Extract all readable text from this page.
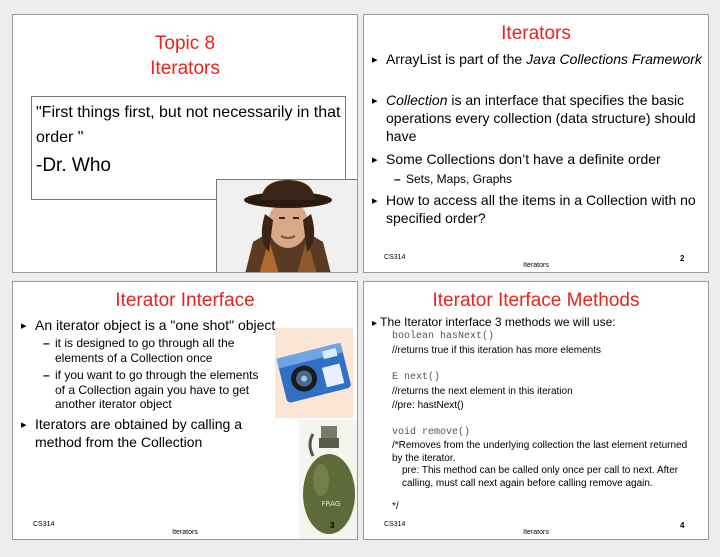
Topic 8
Iterators
"First things first, but not necessarily in that order "
-Dr. Who
Iterators
▸ ArrayList is part of the Java Collections Framework
▸ Collection is an interface that specifies the basic operations every collection (data structure) should have
▸ Some Collections don’t have a definite order
– Sets, Maps, Graphs
▸ How to access all the items in a Collection with no specified order?
CS314
Iterators
2
Iterator Interface
▸ An iterator object is a "one shot" object
– it is designed to go through all the elements of a Collection once
– if you want to go through the elements of a Collection again you have to get another iterator object
▸ Iterators are obtained by calling a method from the Collection
FRAG
CS314
Iterators
3
Iterator Iterface Methods
▸ The Iterator interface 3 methods we will use:
boolean hasNext()
//returns true if this iteration has more elements
E next()
//returns the next element in this iteration
//pre: hastNext()
void remove()
/*Removes from the underlying collection the last element returned by the iterator.
pre: This method can be called only once per call to next. After calling, must call next again before calling remove again.
*/
CS314
Iterators
4
